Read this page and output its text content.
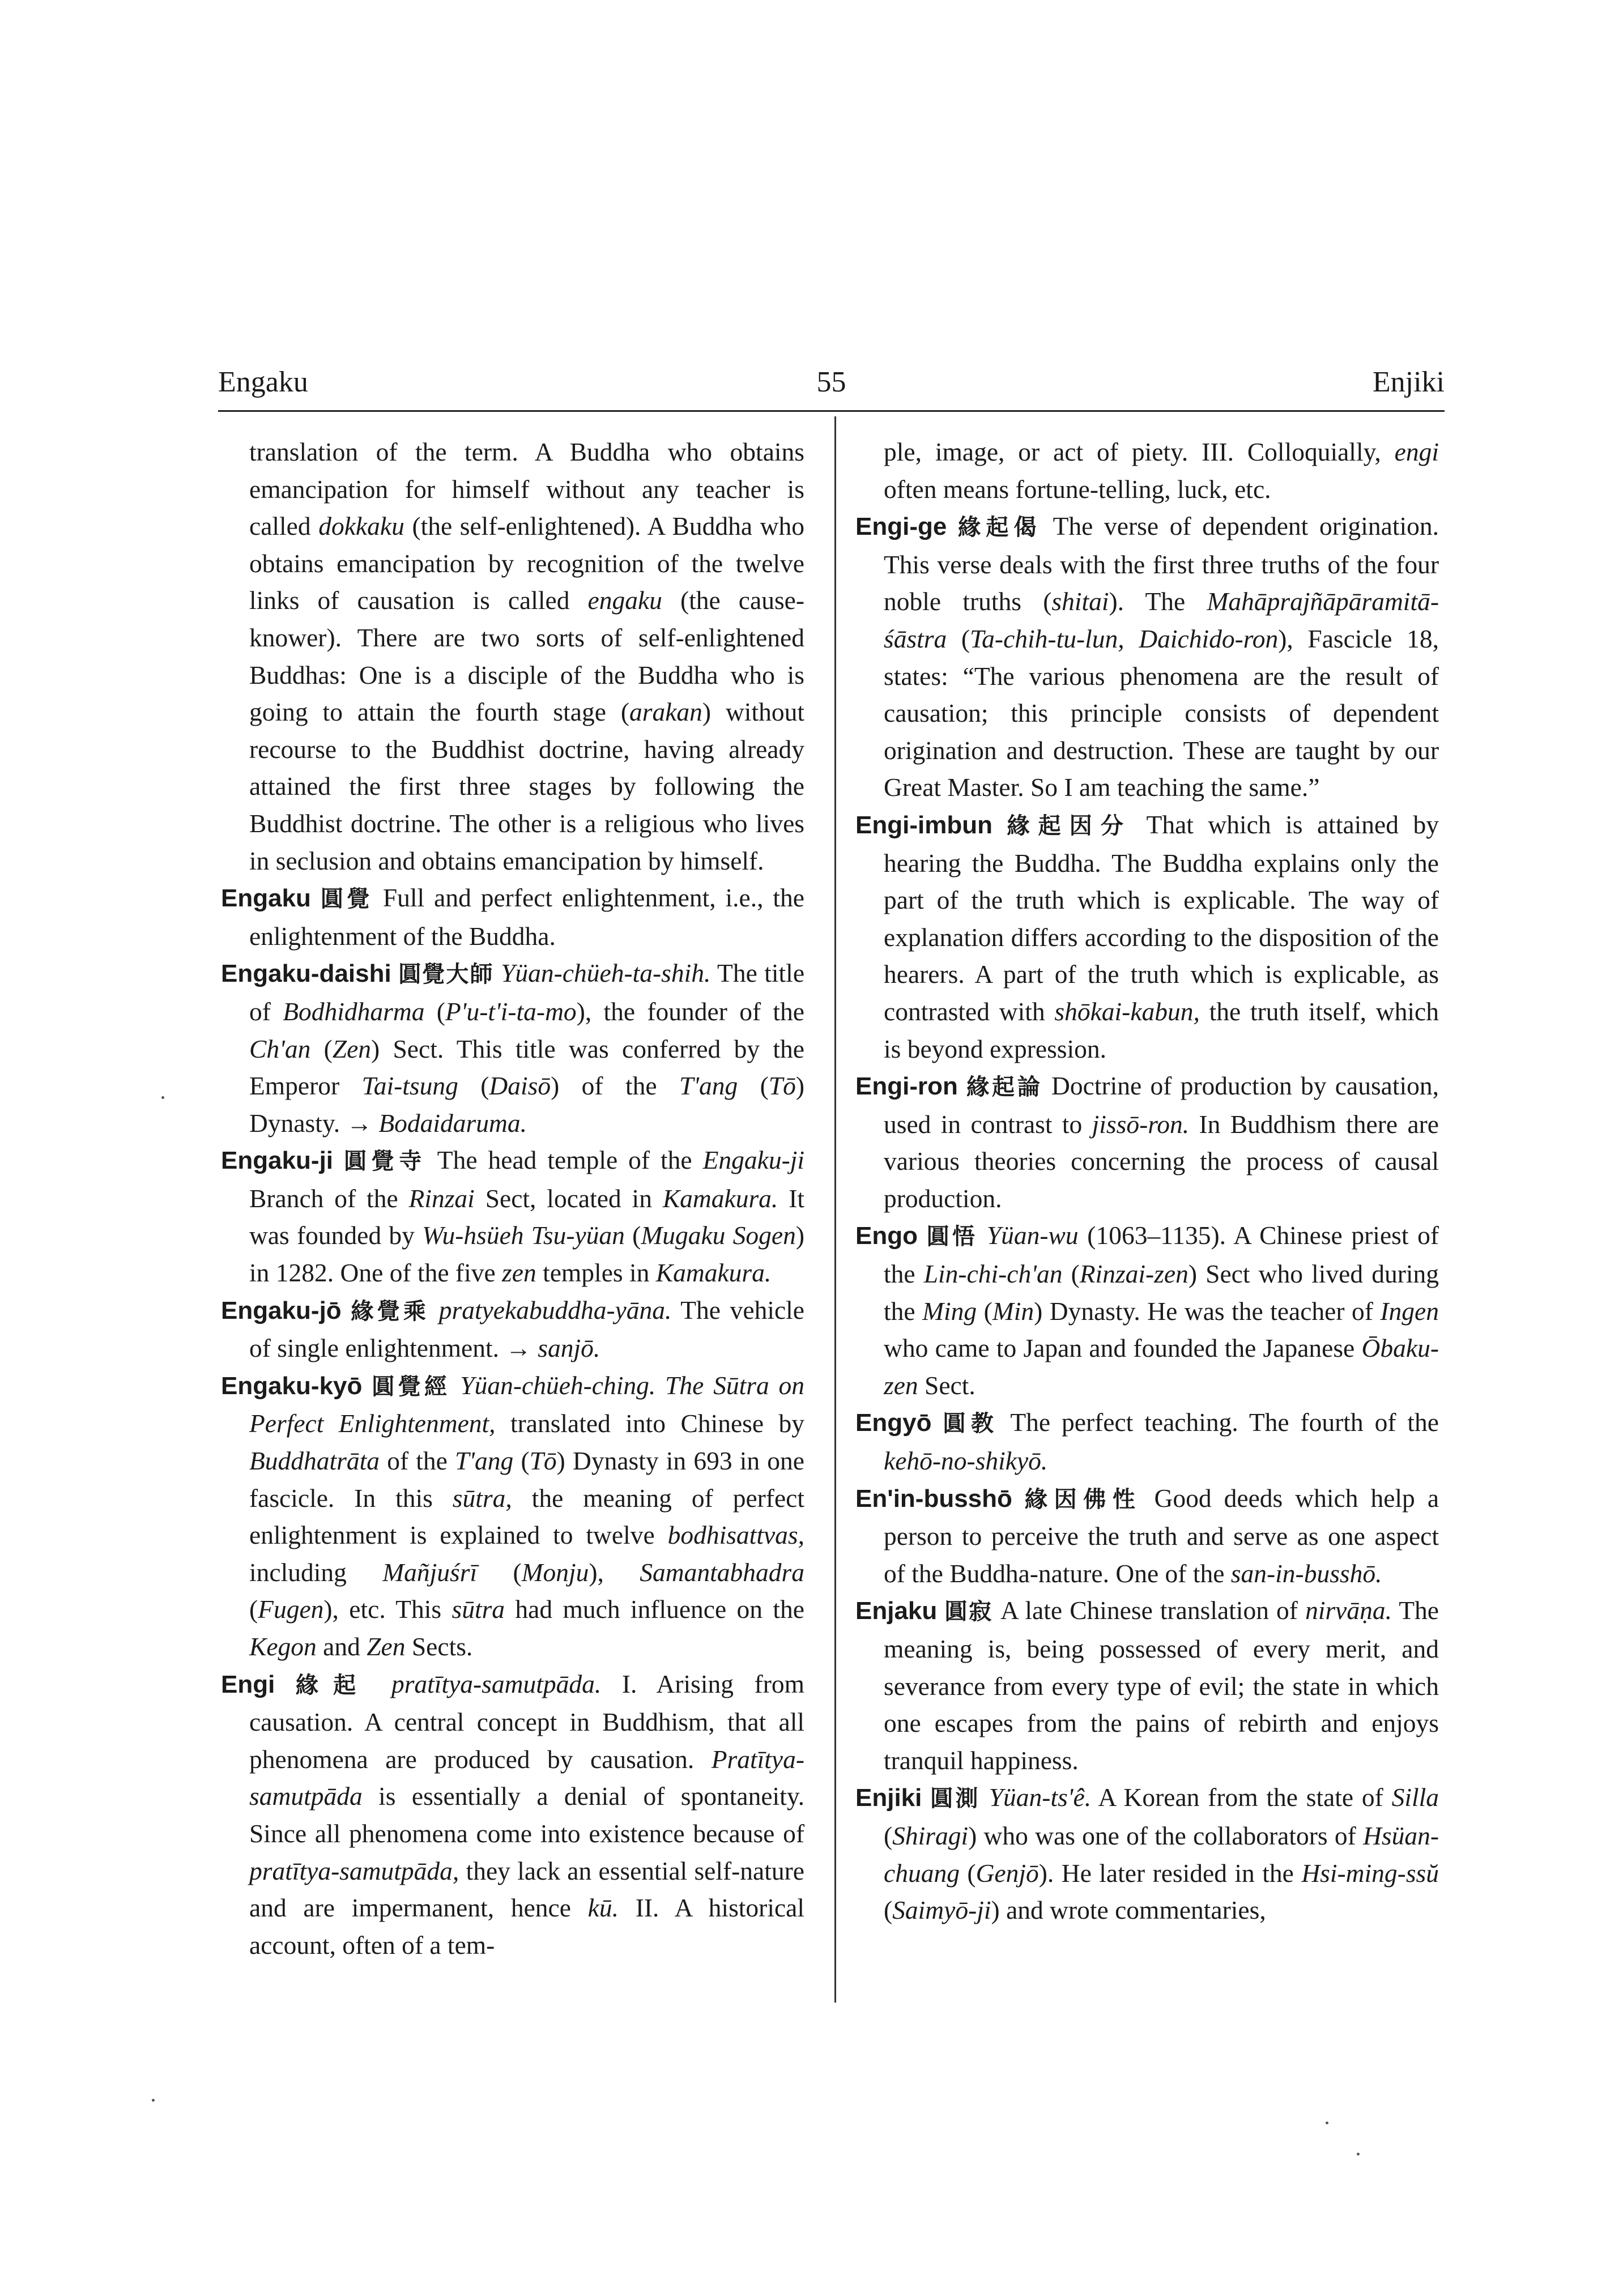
Engaku	55	Enjiki

translation of the term. A Buddha who obtains emancipation for himself without any teacher is called dokkaku (the self-enlightened). A Buddha who obtains emancipation by recognition of the twelve links of causation is called engaku (the cause-knower). There are two sorts of self-enlightened Buddhas: One is a disciple of the Buddha who is going to attain the fourth stage (arakan) without recourse to the Buddhist doctrine, having already attained the first three stages by following the Buddhist doctrine. The other is a religious who lives in seclusion and obtains emancipation by himself.

Engaku 圓覺 Full and perfect enlightenment, i.e., the enlightenment of the Buddha.

Engaku-daishi 圓覺大師 Yüan-chüeh-ta-shih. The title of Bodhidharma (P'u-t'i-ta-mo), the founder of the Ch'an (Zen) Sect. This title was conferred by the Emperor Tai-tsung (Daisō) of the T'ang (Tō) Dynasty. → Bodaidaruma.

Engaku-ji 圓覺寺 The head temple of the Engaku-ji Branch of the Rinzai Sect, located in Kamakura. It was founded by Wu-hsüeh Tsu-yüan (Mugaku Sogen) in 1282. One of the five zen temples in Kamakura.

Engaku-jō 緣覺乘 pratyekabuddha-yāna. The vehicle of single enlightenment. → sanjō.

Engaku-kyō 圓覺經 Yüan-chüeh-ching. The Sūtra on Perfect Enlightenment, translated into Chinese by Buddhatrāta of the T'ang (Tō) Dynasty in 693 in one fascicle. In this sūtra, the meaning of perfect enlightenment is explained to twelve bodhisattvas, including Mañjuśrī (Monju), Samantabhadra (Fugen), etc. This sūtra had much influence on the Kegon and Zen Sects.

Engi 緣起 pratītya-samutpāda. I. Arising from causation. A central concept in Buddhism, that all phenomena are produced by causation. Pratītya-samutpāda is essentially a denial of spontaneity. Since all phenomena come into existence because of pratītya-samutpāda, they lack an essential self-nature and are impermanent, hence kū. II. A historical account, often of a tem-

ple, image, or act of piety. III. Colloquially, engi often means fortune-telling, luck, etc.

Engi-ge 緣起偈 The verse of dependent origination. This verse deals with the first three truths of the four noble truths (shitai). The Mahāprajñāpāramitā-śāstra (Ta-chih-tu-lun, Daichido-ron), Fascicle 18, states: “The various phenomena are the result of causation; this principle consists of dependent origination and destruction. These are taught by our Great Master. So I am teaching the same.”

Engi-imbun 緣起因分 That which is attained by hearing the Buddha. The Buddha explains only the part of the truth which is explicable. The way of explanation differs according to the disposition of the hearers. A part of the truth which is explicable, as contrasted with shōkai-kabun, the truth itself, which is beyond expression.

Engi-ron 緣起論 Doctrine of production by causation, used in contrast to jissō-ron. In Buddhism there are various theories concerning the process of causal production.

Engo 圓悟 Yüan-wu (1063–1135). A Chinese priest of the Lin-chi-ch'an (Rinzai-zen) Sect who lived during the Ming (Min) Dynasty. He was the teacher of Ingen who came to Japan and founded the Japanese Ōbaku-zen Sect.

Engyō 圓教 The perfect teaching. The fourth of the kehō-no-shikyō.

En'in-busshō 緣因佛性 Good deeds which help a person to perceive the truth and serve as one aspect of the Buddha-nature. One of the san-in-busshō.

Enjaku 圓寂 A late Chinese translation of nirvāṇa. The meaning is, being possessed of every merit, and severance from every type of evil; the state in which one escapes from the pains of rebirth and enjoys tranquil happiness.

Enjiki 圓測 Yüan-ts'ê. A Korean from the state of Silla (Shiragi) who was one of the collaborators of Hsüan-chuang (Genjō). He later resided in the Hsi-ming-ssŭ (Saimyō-ji) and wrote commentaries,
